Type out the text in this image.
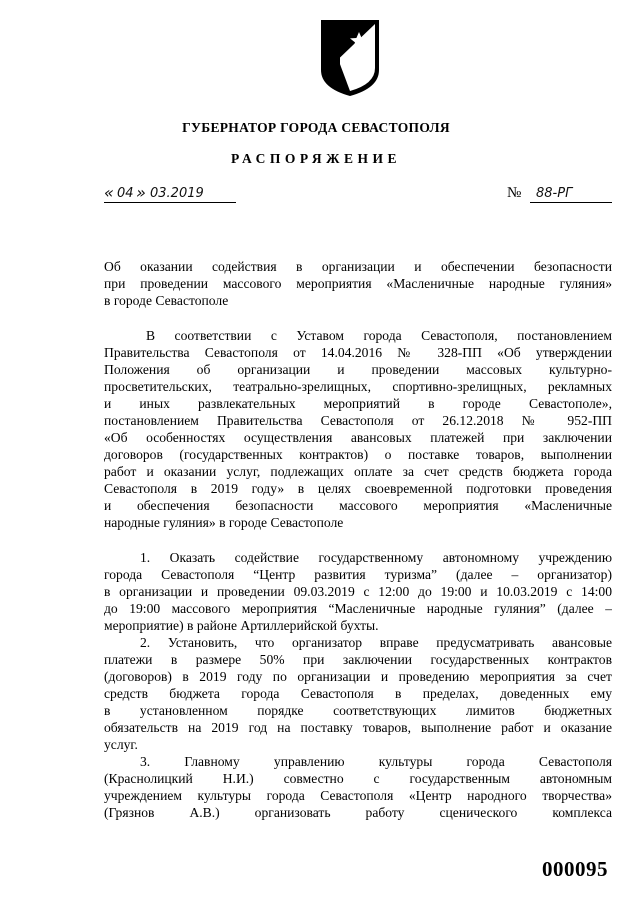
ГУБЕРНАТОР ГОРОДА СЕВАСТОПОЛЯ
РАСПОРЯЖЕНИЕ
« 04 » 03.2019	№ 88-РГ
Об оказании содействия в организации и обеспечении безопасности
при проведении массового мероприятия «Масленичные народные гуляния»
в городе Севастополе
В соответствии с Уставом города Севастополя, постановлением
Правительства Севастополя от 14.04.2016 № 328-ПП «Об утверждении
Положения об организации и проведении массовых культурно-
просветительских, театрально-зрелищных, спортивно-зрелищных, рекламных
и иных развлекательных мероприятий в городе Севастополе»,
постановлением Правительства Севастополя от 26.12.2018 № 952-ПП
«Об особенностях осуществления авансовых платежей при заключении
договоров (государственных контрактов) о поставке товаров, выполнении
работ и оказании услуг, подлежащих оплате за счет средств бюджета города
Севастополя в 2019 году» в целях своевременной подготовки проведения
и обеспечения безопасности массового мероприятия «Масленичные
народные гуляния» в городе Севастополе
1. Оказать содействие государственному автономному учреждению
города Севастополя “Центр развития туризма” (далее – организатор)
в организации и проведении 09.03.2019 с 12:00 до 19:00 и 10.03.2019 с 14:00
до 19:00 массового мероприятия “Масленичные народные гуляния” (далее –
мероприятие) в районе Артиллерийской бухты.
2. Установить, что организатор вправе предусматривать авансовые
платежи в размере 50% при заключении государственных контрактов
(договоров) в 2019 году по организации и проведению мероприятия за счет
средств бюджета города Севастополя в пределах, доведенных ему
в установленном порядке соответствующих лимитов бюджетных
обязательств на 2019 год на поставку товаров, выполнение работ и оказание
услуг.
3. Главному управлению культуры города Севастополя
(Краснолицкий Н.И.) совместно с государственным автономным
учреждением культуры города Севастополя «Центр народного творчества»
(Грязнов А.В.) организовать работу сценического комплекса
000095
